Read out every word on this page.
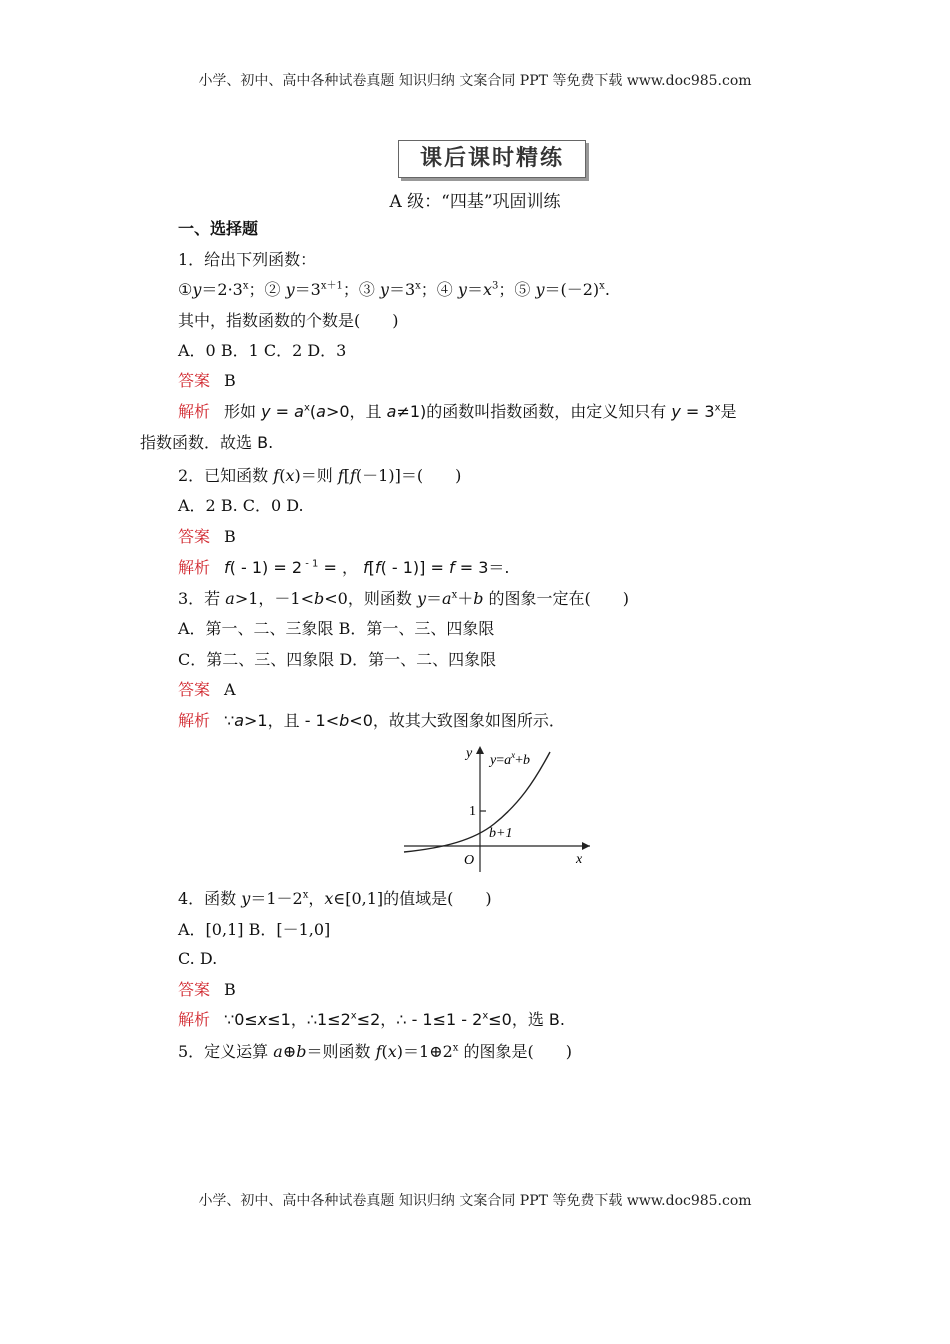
小学、初中、高中各种试卷真题 知识归纳 文案合同 PPT 等免费下载 www.doc985.com
课后课时精练
A 级：“四基”巩固训练
一、选择题
1．给出下列函数：
$①y=2\cdot 3^x$；② $y=3^{x+1}$；③ $y=3^x$；④ $y=x^3$；⑤ $y=(-2)^x$.
其中，指数函数的个数是(　　)
A．0 B．1 C．2 D．3
答案 B
解析 形如 $y = a^x(a>0$，且 a≠1)的函数叫指数函数，由定义知只有 $y = 3^x$是
指数函数．故选 B.
2．已知函数 f(x)＝则 f[f(－1)]＝(　　)
A．2 B. C．0 D.
答案 B
解析 f( - 1) = 2 $^{- 1}$ = ， f[f( - 1)] = f = 3＝.
3．若 a>1，－1<b<0，则函数 $y=a^x+b$ 的图象一定在(　　)
A．第一、二、三象限 B．第一、三、四象限
C．第二、三、四象限 D．第一、二、四象限
答案 A
解析 ∵a>1，且 - 1<b<0，故其大致图象如图所示．
y
x
O
1
b+1
$y=a^x+b$
4．函数 $y=1-2^x$，x∈[0,1]的值域是(　　)
A．[0,1] B．[－1,0]
C. D.
答案 B
解析 ∵0≤x≤1，$\therefore 1\le 2^x\le 2$，∴ - $1\le 1 - 2^x\le 0$，选 B.
5．定义运算 a⊕b＝则函数 $f(x)=1\oplus 2^x$ 的图象是(　　)
小学、初中、高中各种试卷真题 知识归纳 文案合同 PPT 等免费下载 www.doc985.com
